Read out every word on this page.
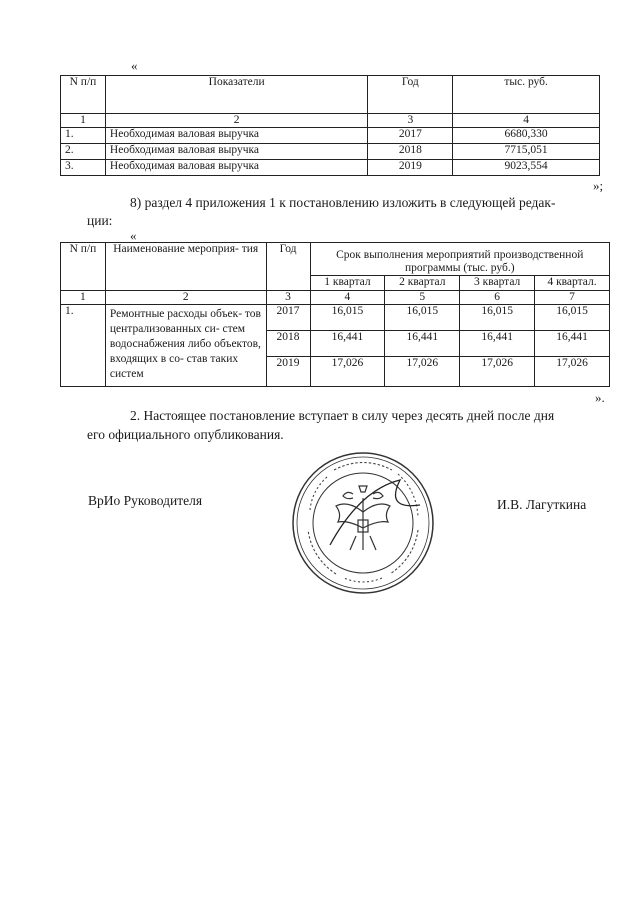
«
N п/п	Показатели	Год	тыс. руб.
1	2	3	4
1.	Необходимая валовая выручка	2017	6680,330
2.	Необходимая валовая выручка	2018	7715,051
3.	Необходимая валовая выручка	2019	9023,554
»;
8) раздел 4 приложения 1 к постановлению изложить в следующей редак-
ции:
«
N п/п	Наименование мероприя- тия	Год	Срок выполнения мероприятий производственной программы (тыс. руб.)			
			1 квартал	2 квартал	3 квартал	4 квартал.
1	2	3	4	5	6	7
1.	Ремонтные расходы объек- тов централизованных си- стем водоснабжения либо объектов, входящих в со- став таких систем	2017	16,015	16,015	16,015	16,015
		2018	16,441	16,441	16,441	16,441
		2019	17,026	17,026	17,026	17,026
».
2. Настоящее постановление вступает в силу через десять дней после дня
его официального опубликования.
ВрИо Руководителя	И.В. Лагуткина
